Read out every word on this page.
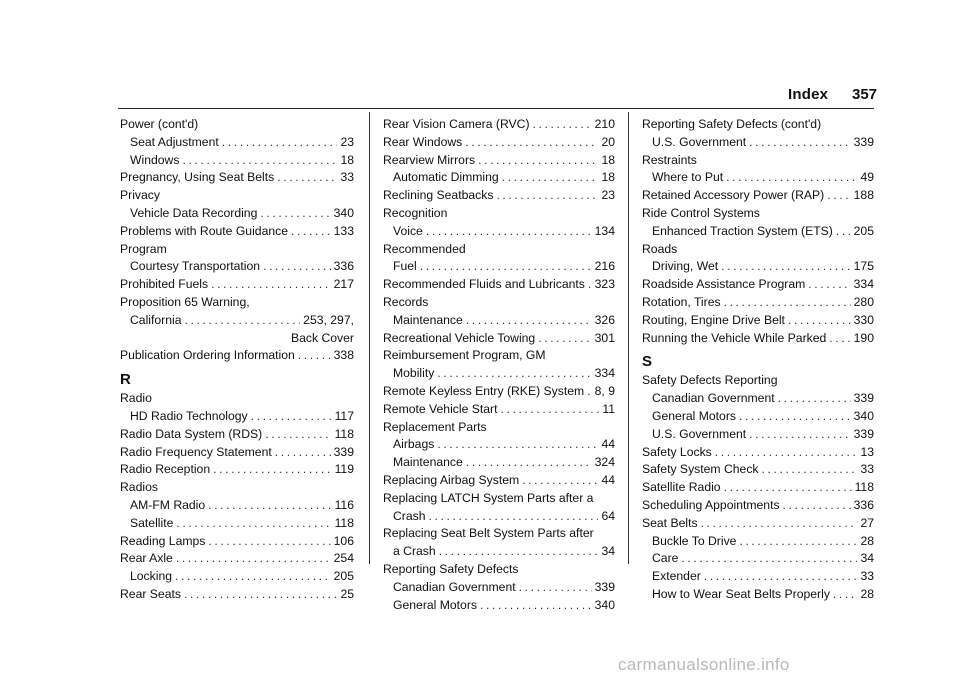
Index 357
Power (cont'd)
Seat Adjustment .....	23
Windows .....	18
Pregnancy, Using Seat Belts .....	33
Privacy
Vehicle Data Recording .....	340
Problems with Route Guidance .....	133
Program
Courtesy Transportation .....	336
Prohibited Fuels .....	217
Proposition 65 Warning,
California .....	253, 297,
Back Cover
Publication Ordering Information .....	338
R
Radio
HD Radio Technology .....	117
Radio Data System (RDS) .....	118
Radio Frequency Statement .....	339
Radio Reception .....	119
Radios
AM-FM Radio .....	116
Satellite .....	118
Reading Lamps .....	106
Rear Axle .....	254
Locking .....	205
Rear Seats .....	25
Rear Vision Camera (RVC) .....	210
Rear Windows .....	20
Rearview Mirrors .....	18
Automatic Dimming .....	18
Reclining Seatbacks .....	23
Recognition
Voice .....	134
Recommended
Fuel .....	216
Recommended Fluids and Lubricants ..... 323
Records
Maintenance .....	326
Recreational Vehicle Towing .....	301
Reimbursement Program, GM
Mobility .....	334
Remote Keyless Entry (RKE) System ..... 8, 9
Remote Vehicle Start .....	11
Replacement Parts
Airbags .....	44
Maintenance .....	324
Replacing Airbag System .....	44
Replacing LATCH System Parts after a
Crash .....	64
Replacing Seat Belt System Parts after
a Crash .....	34
Reporting Safety Defects
Canadian Government .....	339
General Motors .....	340
Reporting Safety Defects (cont'd)
U.S. Government .....	339
Restraints
Where to Put .....	49
Retained Accessory Power (RAP) ..... 188
Ride Control Systems
Enhanced Traction System (ETS) ..... 205
Roads
Driving, Wet .....	175
Roadside Assistance Program .....	334
Rotation, Tires .....	280
Routing, Engine Drive Belt .....	330
Running the Vehicle While Parked ..... 190
S
Safety Defects Reporting
Canadian Government .....	339
General Motors .....	340
U.S. Government .....	339
Safety Locks .....	13
Safety System Check .....	33
Satellite Radio .....	118
Scheduling Appointments .....	336
Seat Belts .....	27
Buckle To Drive .....	28
Care .....	34
Extender .....	33
How to Wear Seat Belts Properly .....	28
carmanualsonline.info
